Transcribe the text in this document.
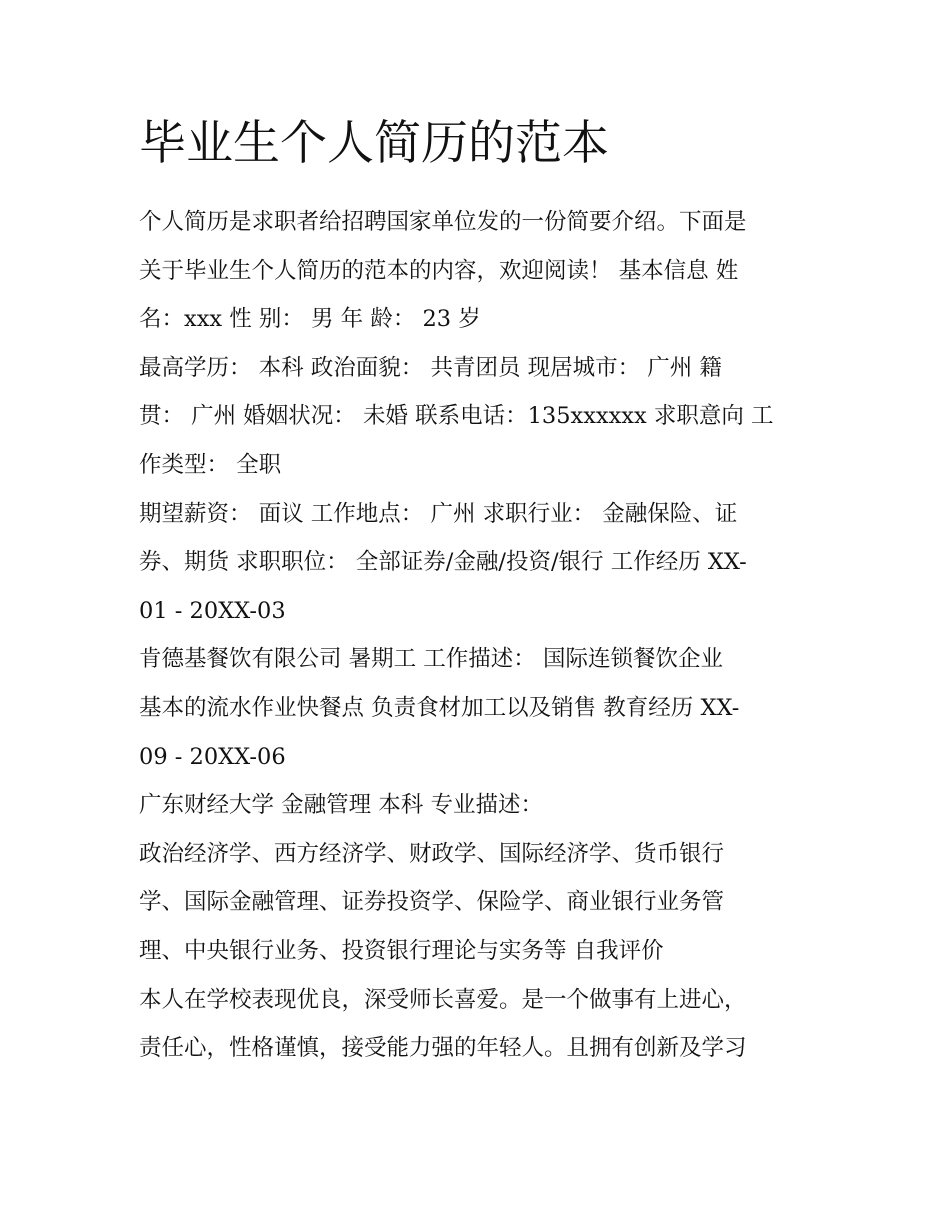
毕业生个人简历的范本
个人简历是求职者给招聘国家单位发的一份简要介绍。下面是
关于毕业生个人简历的范本的内容，欢迎阅读！ 基本信息 姓
名：xxx 性 别： 男 年 龄： 23 岁
最高学历： 本科 政治面貌： 共青团员 现居城市： 广州 籍
贯： 广州 婚姻状况： 未婚 联系电话：135xxxxxx 求职意向 工
作类型： 全职
期望薪资： 面议 工作地点： 广州 求职行业： 金融保险、证
券、期货 求职职位： 全部证券/金融/投资/银行 工作经历 XX-
01 - 20XX-03
肯德基餐饮有限公司 暑期工 工作描述： 国际连锁餐饮企业
基本的流水作业快餐点 负责食材加工以及销售 教育经历 XX-
09 - 20XX-06
广东财经大学 金融管理 本科 专业描述：
政治经济学、西方经济学、财政学、国际经济学、货币银行
学、国际金融管理、证券投资学、保险学、商业银行业务管
理、中央银行业务、投资银行理论与实务等 自我评价
本人在学校表现优良，深受师长喜爱。是一个做事有上进心，
责任心，性格谨慎，接受能力强的年轻人。且拥有创新及学习
